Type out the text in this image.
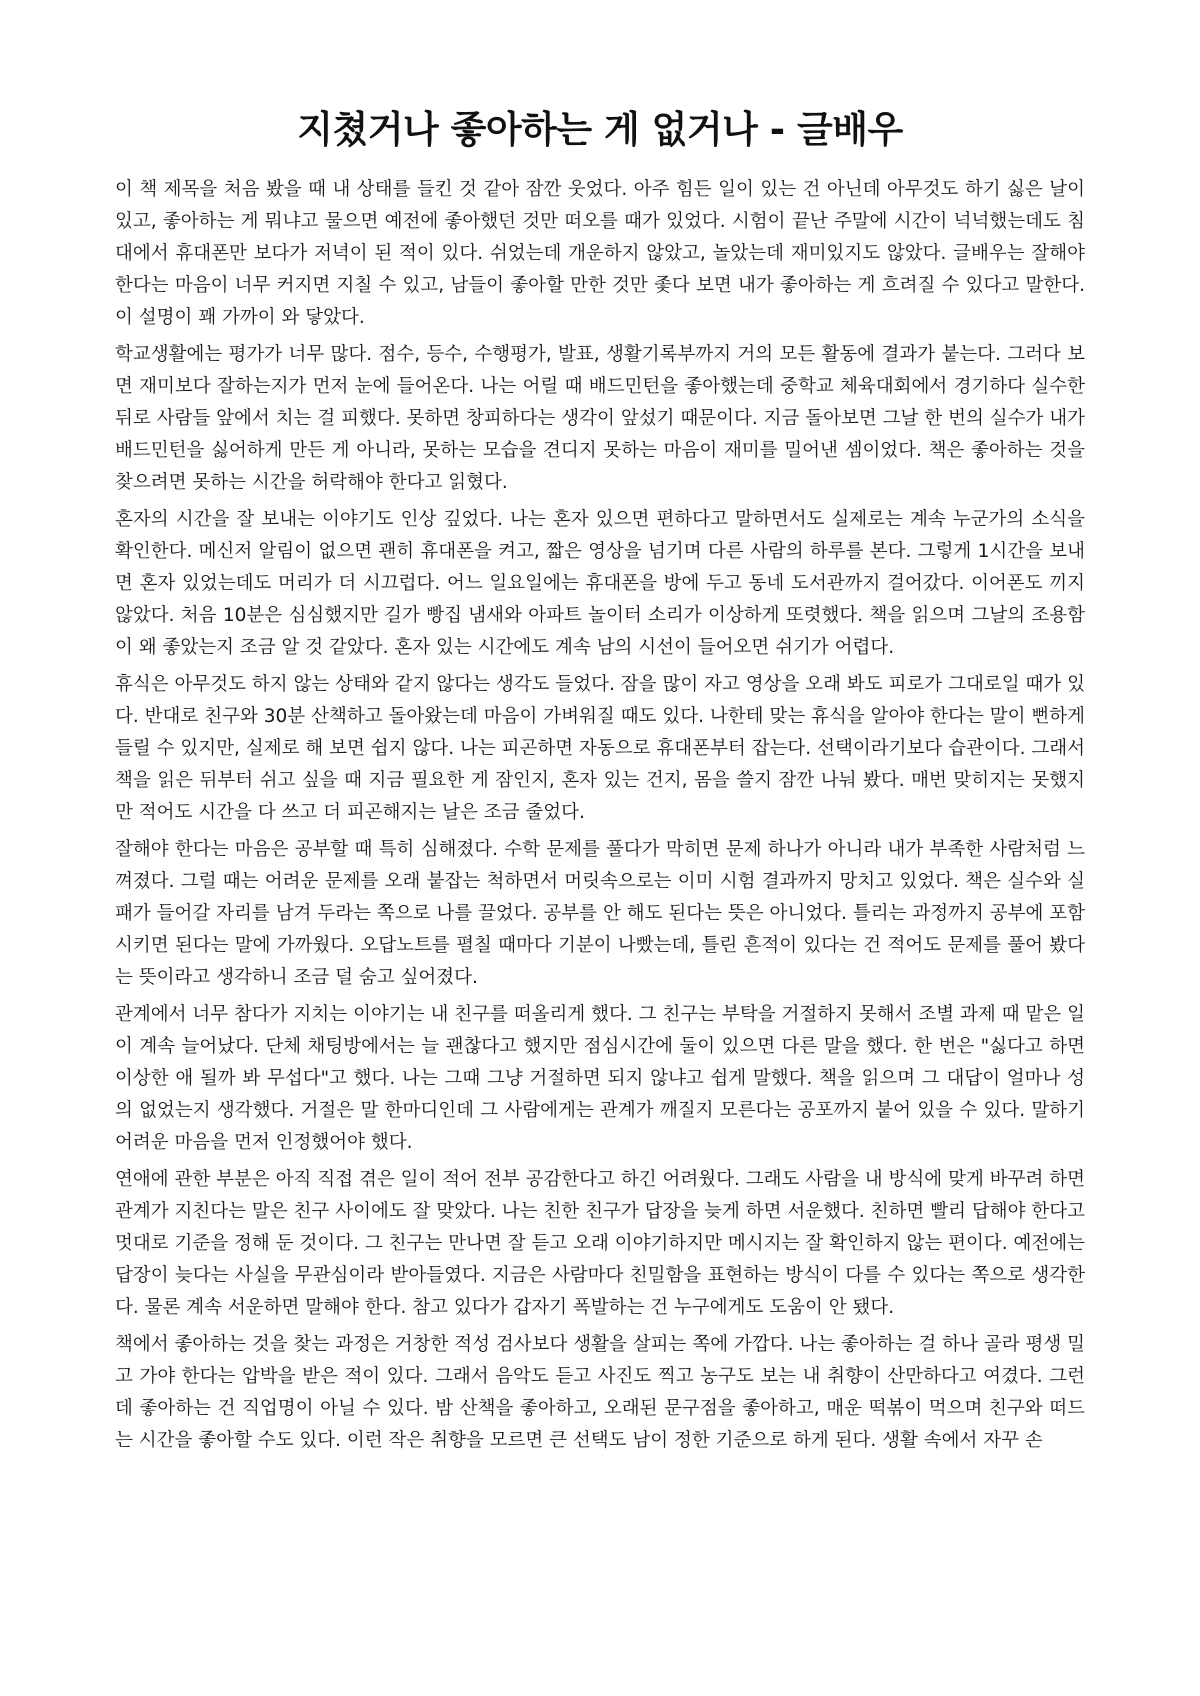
지쳤거나 좋아하는 게 없거나 - 글배우

이 책 제목을 처음 봤을 때 내 상태를 들킨 것 같아 잠깐 웃었다. 아주 힘든 일이 있는 건 아닌데 아무것도 하기 싫은 날이 있고, 좋아하는 게 뭐냐고 물으면 예전에 좋아했던 것만 떠오를 때가 있었다. 시험이 끝난 주말에 시간이 넉넉했는데도 침대에서 휴대폰만 보다가 저녁이 된 적이 있다. 쉬었는데 개운하지 않았고, 놀았는데 재미있지도 않았다. 글배우는 잘해야 한다는 마음이 너무 커지면 지칠 수 있고, 남들이 좋아할 만한 것만 좇다 보면 내가 좋아하는 게 흐려질 수 있다고 말한다. 이 설명이 꽤 가까이 와 닿았다.

학교생활에는 평가가 너무 많다. 점수, 등수, 수행평가, 발표, 생활기록부까지 거의 모든 활동에 결과가 붙는다. 그러다 보면 재미보다 잘하는지가 먼저 눈에 들어온다. 나는 어릴 때 배드민턴을 좋아했는데 중학교 체육대회에서 경기하다 실수한 뒤로 사람들 앞에서 치는 걸 피했다. 못하면 창피하다는 생각이 앞섰기 때문이다. 지금 돌아보면 그날 한 번의 실수가 내가 배드민턴을 싫어하게 만든 게 아니라, 못하는 모습을 견디지 못하는 마음이 재미를 밀어낸 셈이었다. 책은 좋아하는 것을 찾으려면 못하는 시간을 허락해야 한다고 읽혔다.

혼자의 시간을 잘 보내는 이야기도 인상 깊었다. 나는 혼자 있으면 편하다고 말하면서도 실제로는 계속 누군가의 소식을 확인한다. 메신저 알림이 없으면 괜히 휴대폰을 켜고, 짧은 영상을 넘기며 다른 사람의 하루를 본다. 그렇게 1시간을 보내면 혼자 있었는데도 머리가 더 시끄럽다. 어느 일요일에는 휴대폰을 방에 두고 동네 도서관까지 걸어갔다. 이어폰도 끼지 않았다. 처음 10분은 심심했지만 길가 빵집 냄새와 아파트 놀이터 소리가 이상하게 또렷했다. 책을 읽으며 그날의 조용함이 왜 좋았는지 조금 알 것 같았다. 혼자 있는 시간에도 계속 남의 시선이 들어오면 쉬기가 어렵다.

휴식은 아무것도 하지 않는 상태와 같지 않다는 생각도 들었다. 잠을 많이 자고 영상을 오래 봐도 피로가 그대로일 때가 있다. 반대로 친구와 30분 산책하고 돌아왔는데 마음이 가벼워질 때도 있다. 나한테 맞는 휴식을 알아야 한다는 말이 뻔하게 들릴 수 있지만, 실제로 해 보면 쉽지 않다. 나는 피곤하면 자동으로 휴대폰부터 잡는다. 선택이라기보다 습관이다. 그래서 책을 읽은 뒤부터 쉬고 싶을 때 지금 필요한 게 잠인지, 혼자 있는 건지, 몸을 쓸지 잠깐 나눠 봤다. 매번 맞히지는 못했지만 적어도 시간을 다 쓰고 더 피곤해지는 날은 조금 줄었다.

잘해야 한다는 마음은 공부할 때 특히 심해졌다. 수학 문제를 풀다가 막히면 문제 하나가 아니라 내가 부족한 사람처럼 느껴졌다. 그럴 때는 어려운 문제를 오래 붙잡는 척하면서 머릿속으로는 이미 시험 결과까지 망치고 있었다. 책은 실수와 실패가 들어갈 자리를 남겨 두라는 쪽으로 나를 끌었다. 공부를 안 해도 된다는 뜻은 아니었다. 틀리는 과정까지 공부에 포함시키면 된다는 말에 가까웠다. 오답노트를 펼칠 때마다 기분이 나빴는데, 틀린 흔적이 있다는 건 적어도 문제를 풀어 봤다는 뜻이라고 생각하니 조금 덜 숨고 싶어졌다.

관계에서 너무 참다가 지치는 이야기는 내 친구를 떠올리게 했다. 그 친구는 부탁을 거절하지 못해서 조별 과제 때 맡은 일이 계속 늘어났다. 단체 채팅방에서는 늘 괜찮다고 했지만 점심시간에 둘이 있으면 다른 말을 했다. 한 번은 "싫다고 하면 이상한 애 될까 봐 무섭다"고 했다. 나는 그때 그냥 거절하면 되지 않냐고 쉽게 말했다. 책을 읽으며 그 대답이 얼마나 성의 없었는지 생각했다. 거절은 말 한마디인데 그 사람에게는 관계가 깨질지 모른다는 공포까지 붙어 있을 수 있다. 말하기 어려운 마음을 먼저 인정했어야 했다.

연애에 관한 부분은 아직 직접 겪은 일이 적어 전부 공감한다고 하긴 어려웠다. 그래도 사람을 내 방식에 맞게 바꾸려 하면 관계가 지친다는 말은 친구 사이에도 잘 맞았다. 나는 친한 친구가 답장을 늦게 하면 서운했다. 친하면 빨리 답해야 한다고 멋대로 기준을 정해 둔 것이다. 그 친구는 만나면 잘 듣고 오래 이야기하지만 메시지는 잘 확인하지 않는 편이다. 예전에는 답장이 늦다는 사실을 무관심이라 받아들였다. 지금은 사람마다 친밀함을 표현하는 방식이 다를 수 있다는 쪽으로 생각한다. 물론 계속 서운하면 말해야 한다. 참고 있다가 갑자기 폭발하는 건 누구에게도 도움이 안 됐다.

책에서 좋아하는 것을 찾는 과정은 거창한 적성 검사보다 생활을 살피는 쪽에 가깝다. 나는 좋아하는 걸 하나 골라 평생 밀고 가야 한다는 압박을 받은 적이 있다. 그래서 음악도 듣고 사진도 찍고 농구도 보는 내 취향이 산만하다고 여겼다. 그런데 좋아하는 건 직업명이 아닐 수 있다. 밤 산책을 좋아하고, 오래된 문구점을 좋아하고, 매운 떡볶이 먹으며 친구와 떠드는 시간을 좋아할 수도 있다. 이런 작은 취향을 모르면 큰 선택도 남이 정한 기준으로 하게 된다. 생활 속에서 자꾸 손
